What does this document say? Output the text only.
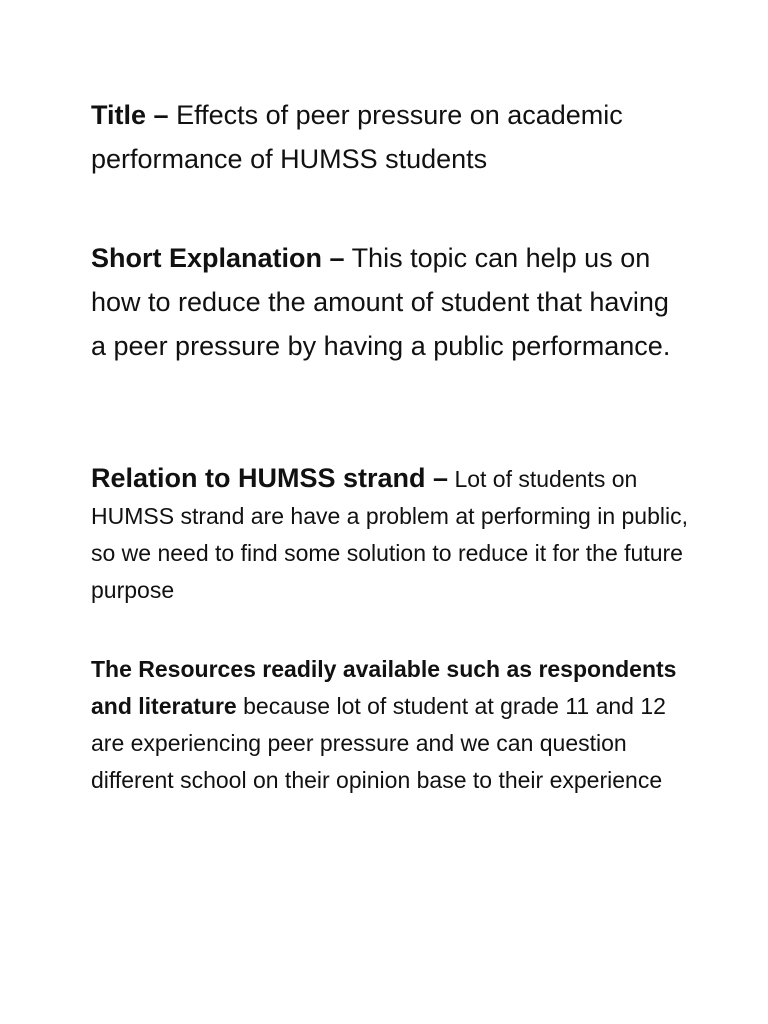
Title – Effects of peer pressure on academic performance of HUMSS students

Short Explanation – This topic can help us on how to reduce the amount of student that having a peer pressure by having a public performance.

Relation to HUMSS strand – Lot of students on HUMSS strand are have a problem at performing in public, so we need to find some solution to reduce it for the future purpose

The Resources readily available such as respondents and literature because lot of student at grade 11 and 12 are experiencing peer pressure and we can question different school on their opinion base to their experience
